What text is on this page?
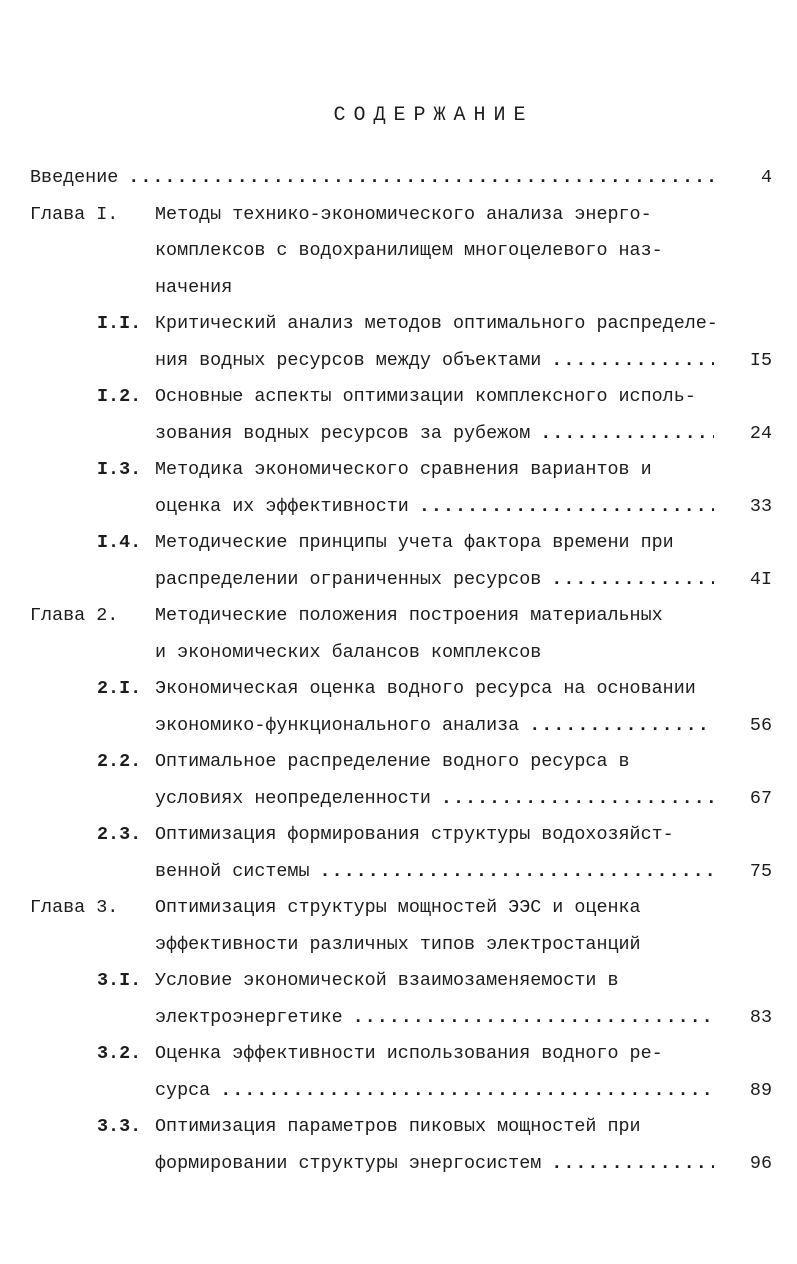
СОДЕРЖАНИЕ
Введение .....	4
Глава I. Методы технико-экономического анализа энерго-
комплексов с водохранилищем многоцелевого наз-
начения
I.I. Критический анализ методов оптимального распределе-
ния водных ресурсов между объектами .....	I5
I.2. Основные аспекты оптимизации комплексного исполь-
зования водных ресурсов за рубежом .....	24
I.3. Методика экономического сравнения вариантов и
оценка их эффективности .....	33
I.4. Методические принципы учета фактора времени при
распределении ограниченных ресурсов .....	4I
Глава 2. Методические положения построения материальных
и экономических балансов комплексов
2.I. Экономическая оценка водного ресурса на основании
экономико-функционального анализа .....	56
2.2. Оптимальное распределение водного ресурса в
условиях неопределенности .....	67
2.3. Оптимизация формирования структуры водохозяйст-
венной системы .....	75
Глава 3. Оптимизация структуры мощностей ЭЭС и оценка
эффективности различных типов электростанций
3.I. Условие экономической взаимозаменяемости в
электроэнергетике .....	83
3.2. Оценка эффективности использования водного ре-
сурса .....	89
3.3. Оптимизация параметров пиковых мощностей при
формировании структуры энергосистем .....	96
